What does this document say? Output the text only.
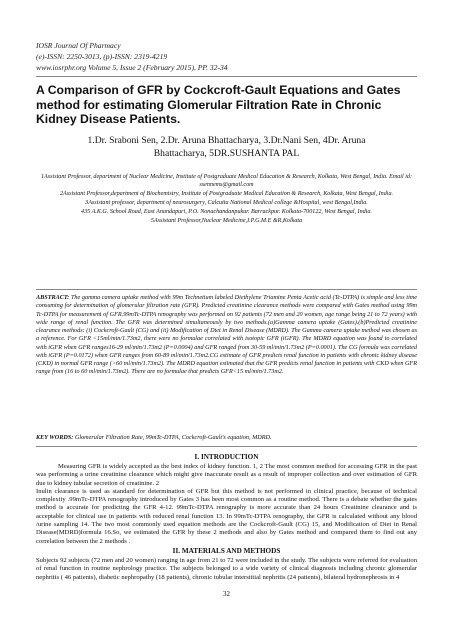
IOSR Journal Of Pharmacy
(e)-ISSN: 2250-3013, (p)-ISSN: 2319-4219
www.iosrphr.org Volume 5, Issue 2 (February 2015), PP. 32-34
A Comparison of GFR by Cockcroft-Gault Equations and Gates method for estimating Glomerular Filtration Rate in Chronic Kidney Disease Patients.
1.Dr. Sraboni Sen, 2.Dr. Aruna Bhattacharya, 3.Dr.Nani Sen, 4Dr. Aruna
Bhattacharya, 5DR.SUSHANTA PAL

1Assistant Professor, department of Nuclear Medicine, Institute of Postgraduate Medical Education & Research, Kolkata, West Bengal, India. Email id: ssennems@gmail.com

2Assistant Professor,department of Biochemistry, Institute of Postgraduate Medical Education & Research, Kolkata, West Bengal, India.

3Assistant professor, department of neurosurgery, Calcutta National Medical college &Hospital, west Bengal,India.

435 A.K.G. School Road, East Anandapuri, P.O. Nonachandanpukur. Barrackpur. Kolkata-700122, West Bengal, India.

5Assistant Professor,Nuclear Medicine,I.P.G.M.E &R,Kolkata

ABSTRACT: The gamma camera uptake method with 99m Technetium labeled Diethylene Triamine Penta Acetic acid (Tc-DTPA) is simple and less time consuming for determination of glomerular filtration rate (GFR). Predicted creatinine clearance methods were compared with Gates method using 99m Tc-DTPA for measurement of GFR.99mTc-DTPA renography was performed on 92 patients (72 men and 20 women, age range being 21 to 72 years) with wide range of renal function. The GFR was determined simultaneously by two methods.(a)Gamma camera uptake (Gates).(b)Predicted creatinine clearance methods: (i) Cockcroft-Gault (CG) and (ii) Modification of Diet in Renal Disease (MDRD). The Gamma camera uptake method was chosen as a reference. For GFR <15ml/min/1.73m2, there were no formulae correlated with isotopic GFR (iGFR). The MDRD equation was found to correlated with iGFR when GFR ranges16-29 ml/min/1.73m2 (P=0.0004) and GFR ranged from 30-59 ml/min/1.73m2 (P=0.0001). The CG formula was correlated with iGFR (P=0.0172) when GFR ranges from 60-89 ml/min/1.73m2.CG estimate of GFR predicts renal function in patients with chronic kidney disease (CKD) in normal GFR range (>60 ml/min/1.73m2). The MDRD equation estimated that the GFR predicts renal function in patients with CKD when GFR range from (16 to 60 ml/min/1.73m2). There are no formulae that predicts GFR<15 ml/min/1.73m2.
KEY WORDS: Glomerular Filtration Rate, 99mTc-DTPA, Cockcroft-Gault's equation, MDRD.
I. INTRODUCTION

Measuring GFR is widely accepted as the best index of kidney function. 1, 2 The most common method for accessing GFR in the past was performing a urine creatinine clearance which might give inaccurate result as a result of improper collection and over estimation of GFR due to kidney tubular secretion of creatinine. 2

Inulin clearance is used as standard for determination of GFR but this method is not performed in clinical practice, because of technical complexity .99mTc-DTPA renography introduced by Gates 3 has been most common as a routine method. There is a debate whether the gates method is accurate for predicting the GFR 4-12. 99mTc-DTPA renography is more accurate than 24 hours Creatinine clearance and is acceptable for clinical use in patients with reduced renal function 13. In 99mTc-DTPA renography, the GFR is calculated without any blood /urine sampling 14. The two most commonly used equation methods are the Cockcroft-Gault (CG) 15, and Modification of Diet in Renal Disease(MDRD)formula 16.So, we estimated the GFR by these 2 methods and also by Gates method and compared them to find out any correlation between the 2 methods .

II. MATERIALS AND METHODS

Subjects 92 subjects (72 men and 20 women) ranging in age from 21 to 72 were included in the study. The subjects were referred for evaluation of renal function in routine nephrology practice. The subjects belonged to a wide variety of clinical diagnosis including chronic glomerular nephritis ( 46 patients), diabetic nephropathy (18 patients), chronic tubular interstitial nephritis (24 patients), bilateral hydronephrosis in 4

32
